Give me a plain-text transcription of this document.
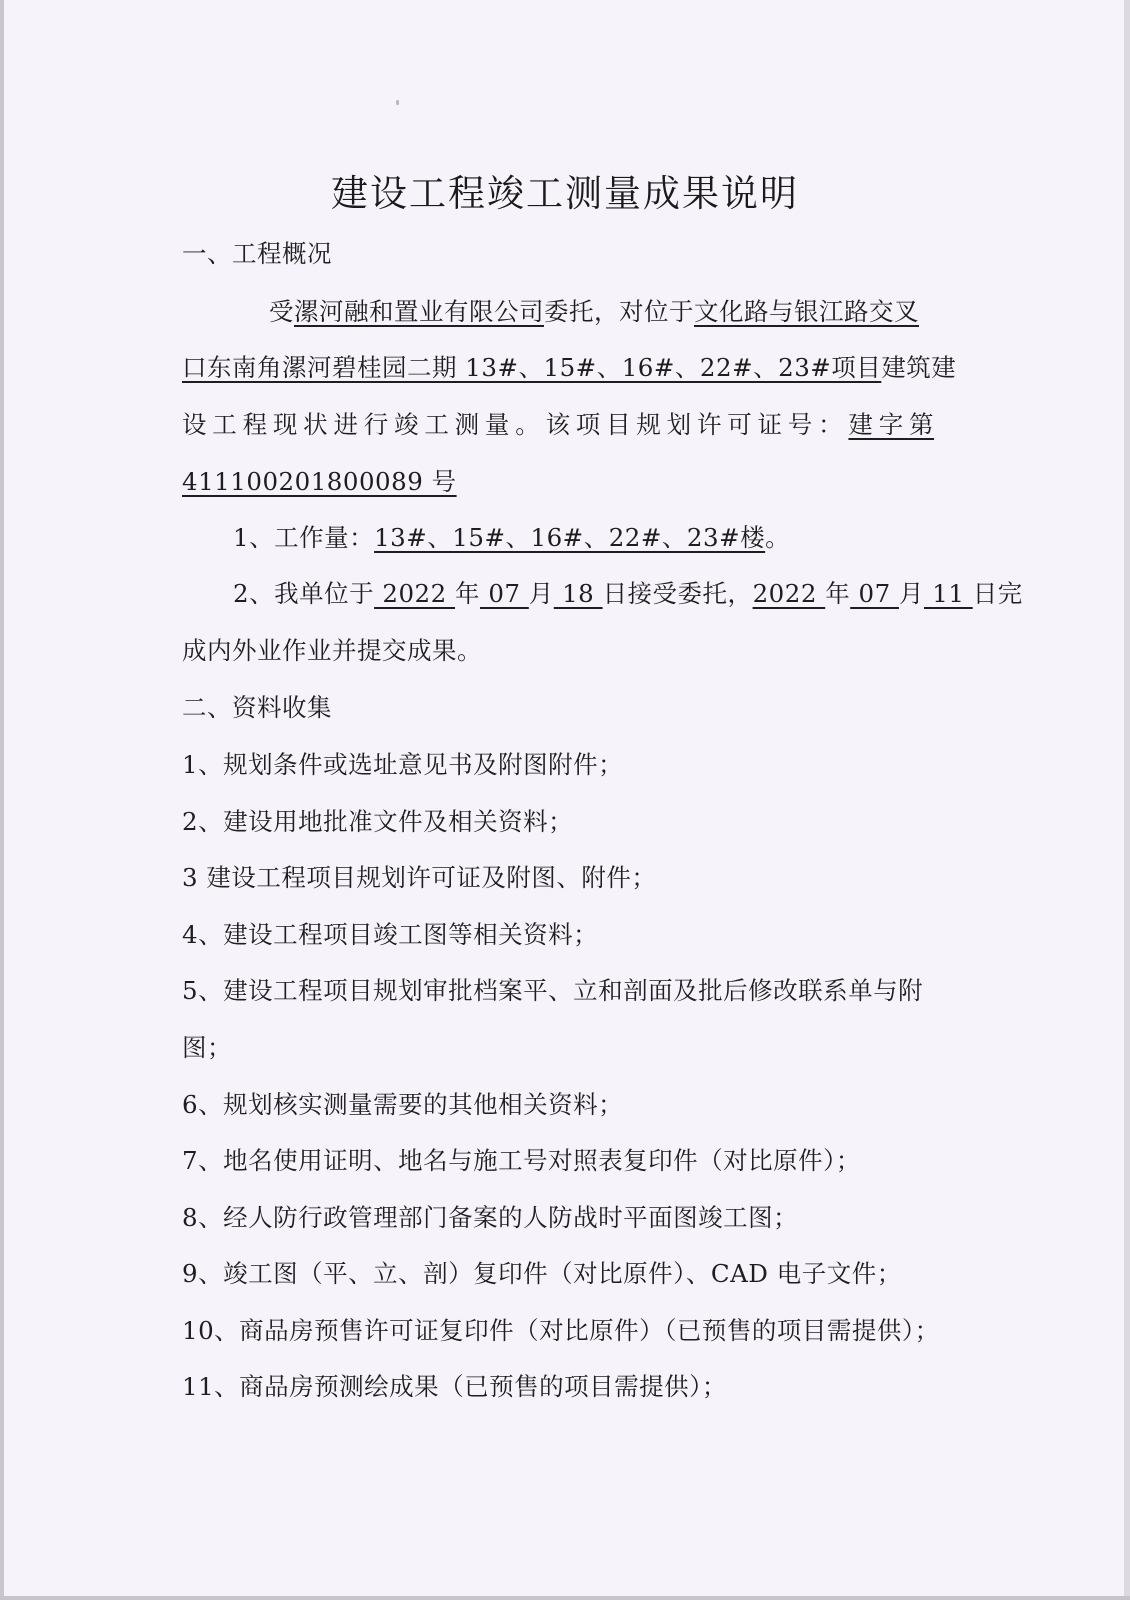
建设工程竣工测量成果说明
一、工程概况
受漯河融和置业有限公司委托，对位于文化路与银江路交叉
口东南角漯河碧桂园二期 13#、15#、16#、22#、23#项目建筑建
设工程现状进行竣工测量。该项目规划许可证号：建字第
411100201800089 号
1、工作量：13#、15#、16#、22#、23#楼。
2、我单位于 2022 年 07 月 18 日接受委托，2022 年 07 月 11 日完
成内外业作业并提交成果。
二、资料收集
1、规划条件或选址意见书及附图附件；
2、建设用地批准文件及相关资料；
3 建设工程项目规划许可证及附图、附件；
4、建设工程项目竣工图等相关资料；
5、建设工程项目规划审批档案平、立和剖面及批后修改联系单与附
图；
6、规划核实测量需要的其他相关资料；
7、地名使用证明、地名与施工号对照表复印件（对比原件）；
8、经人防行政管理部门备案的人防战时平面图竣工图；
9、竣工图（平、立、剖）复印件（对比原件）、CAD 电子文件；
10、商品房预售许可证复印件（对比原件）（已预售的项目需提供）；
11、商品房预测绘成果（已预售的项目需提供）；
